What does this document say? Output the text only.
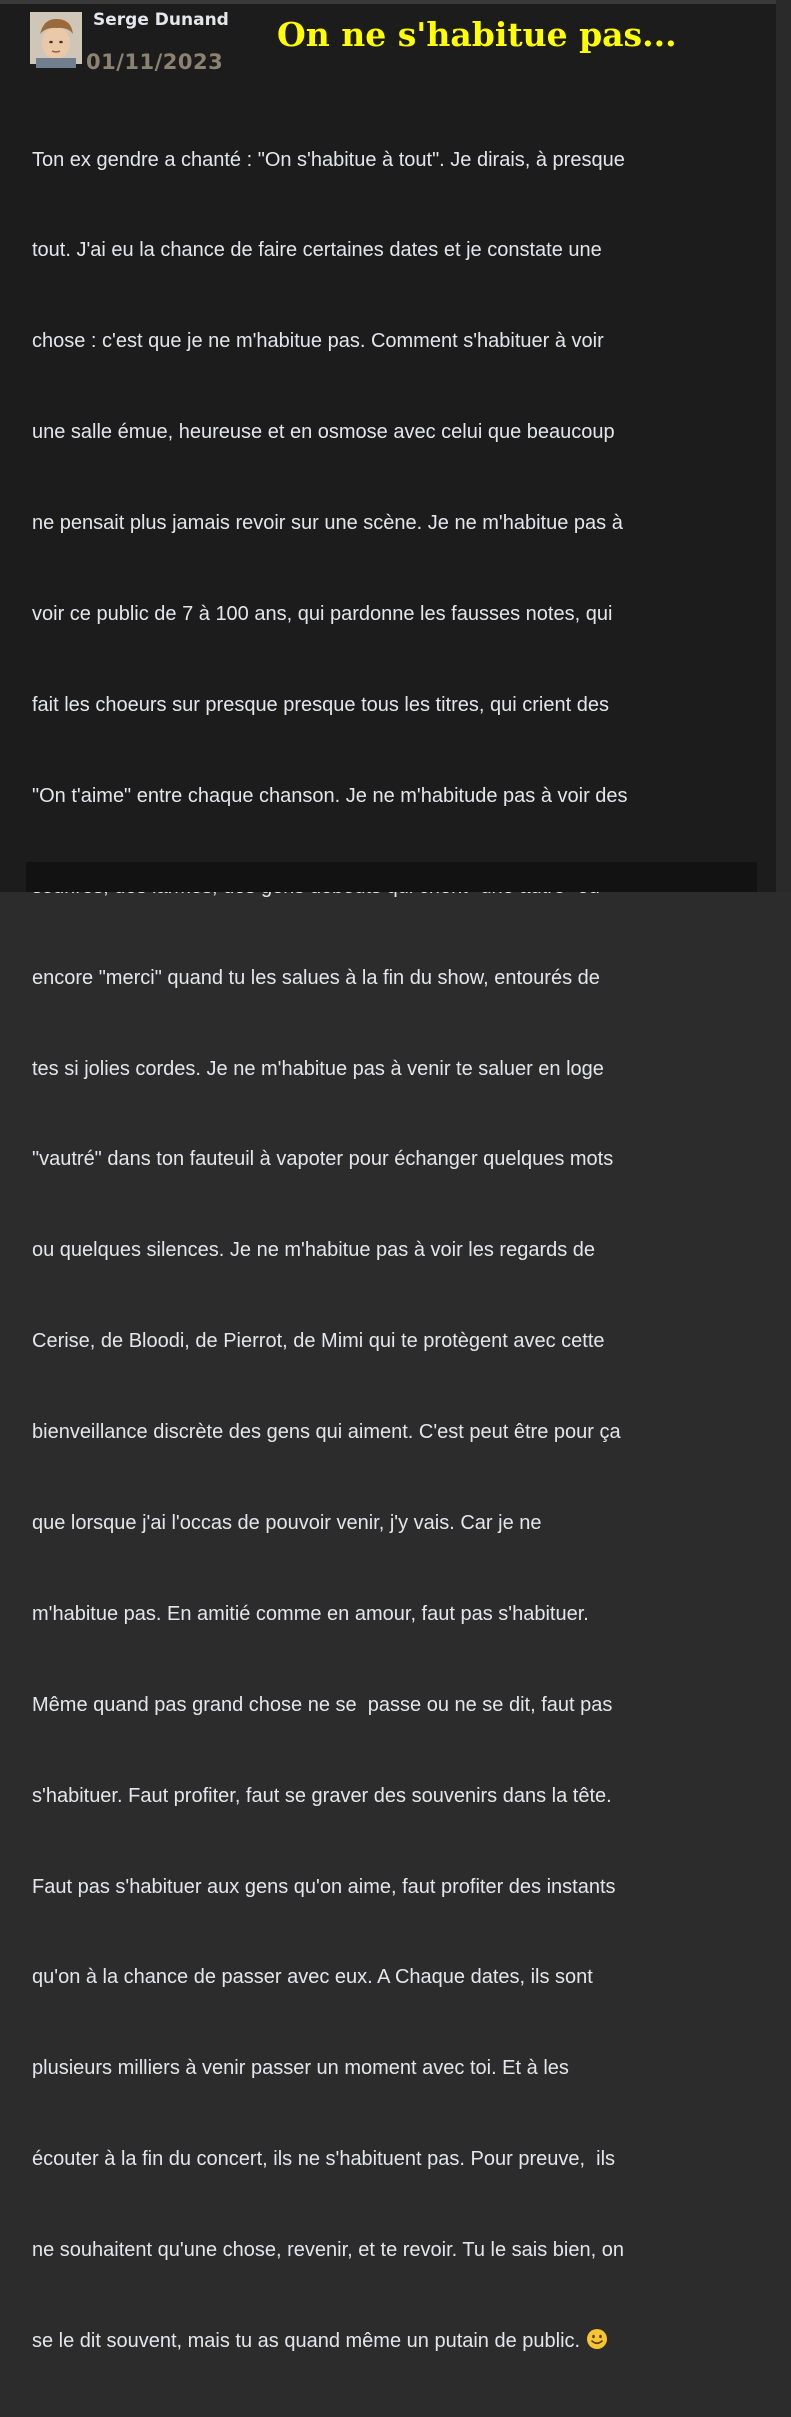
Serge Dunand
01/11/2023
On ne s'habitue pas...

Ton ex gendre a chanté : "On s'habitue à tout". Je dirais, à presque

tout. J'ai eu la chance de faire certaines dates et je constate une

chose : c'est que je ne m'habitue pas. Comment s'habituer à voir

une salle émue, heureuse et en osmose avec celui que beaucoup

ne pensait plus jamais revoir sur une scène. Je ne m'habitue pas à

voir ce public de 7 à 100 ans, qui pardonne les fausses notes, qui

fait les choeurs sur presque presque tous les titres, qui crient des

"On t'aime" entre chaque chanson. Je ne m'habitude pas à voir des

encore "merci" quand tu les salues à la fin du show, entourés de

tes si jolies cordes. Je ne m'habitue pas à venir te saluer en loge

"vautré" dans ton fauteuil à vapoter pour échanger quelques mots

ou quelques silences. Je ne m'habitue pas à voir les regards de

Cerise, de Bloodi, de Pierrot, de Mimi qui te protègent avec cette

bienveillance discrète des gens qui aiment. C'est peut être pour ça

que lorsque j'ai l'occas de pouvoir venir, j'y vais. Car je ne

m'habitue pas. En amitié comme en amour, faut pas s'habituer.

Même quand pas grand chose ne se  passe ou ne se dit, faut pas

s'habituer. Faut profiter, faut se graver des souvenirs dans la tête.

Faut pas s'habituer aux gens qu'on aime, faut profiter des instants

qu'on à la chance de passer avec eux. A Chaque dates, ils sont

plusieurs milliers à venir passer un moment avec toi. Et à les

écouter à la fin du concert, ils ne s'habituent pas. Pour preuve,  ils

ne souhaitent qu'une chose, revenir, et te revoir. Tu le sais bien, on

se le dit souvent, mais tu as quand même un putain de public.
